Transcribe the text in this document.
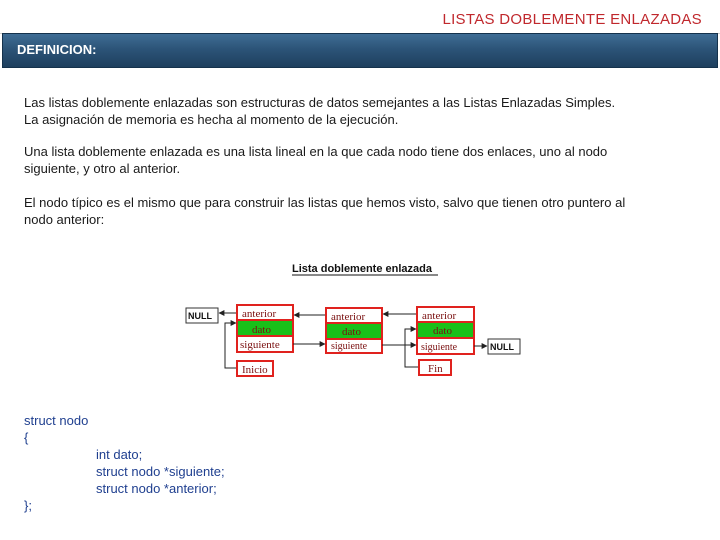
LISTAS DOBLEMENTE ENLAZADAS
DEFINICION:
Las listas doblemente enlazadas son estructuras de datos semejantes a las Listas Enlazadas Simples.
La asignación de memoria es hecha al momento de la ejecución.
Una lista doblemente enlazada es una lista lineal en la que cada nodo tiene dos enlaces, uno al nodo
siguiente, y otro al anterior.
El nodo típico es el mismo que para construir las listas que hemos visto, salvo que tienen otro puntero al
nodo anterior:
Lista doblemente enlazada
NULL	anterior
dato
siguiente
anterior
dato
siguiente
anterior
dato
siguiente	NULL
Inicio	Fin
struct nodo
{
int dato;
struct nodo *siguiente;
struct nodo *anterior;
};
